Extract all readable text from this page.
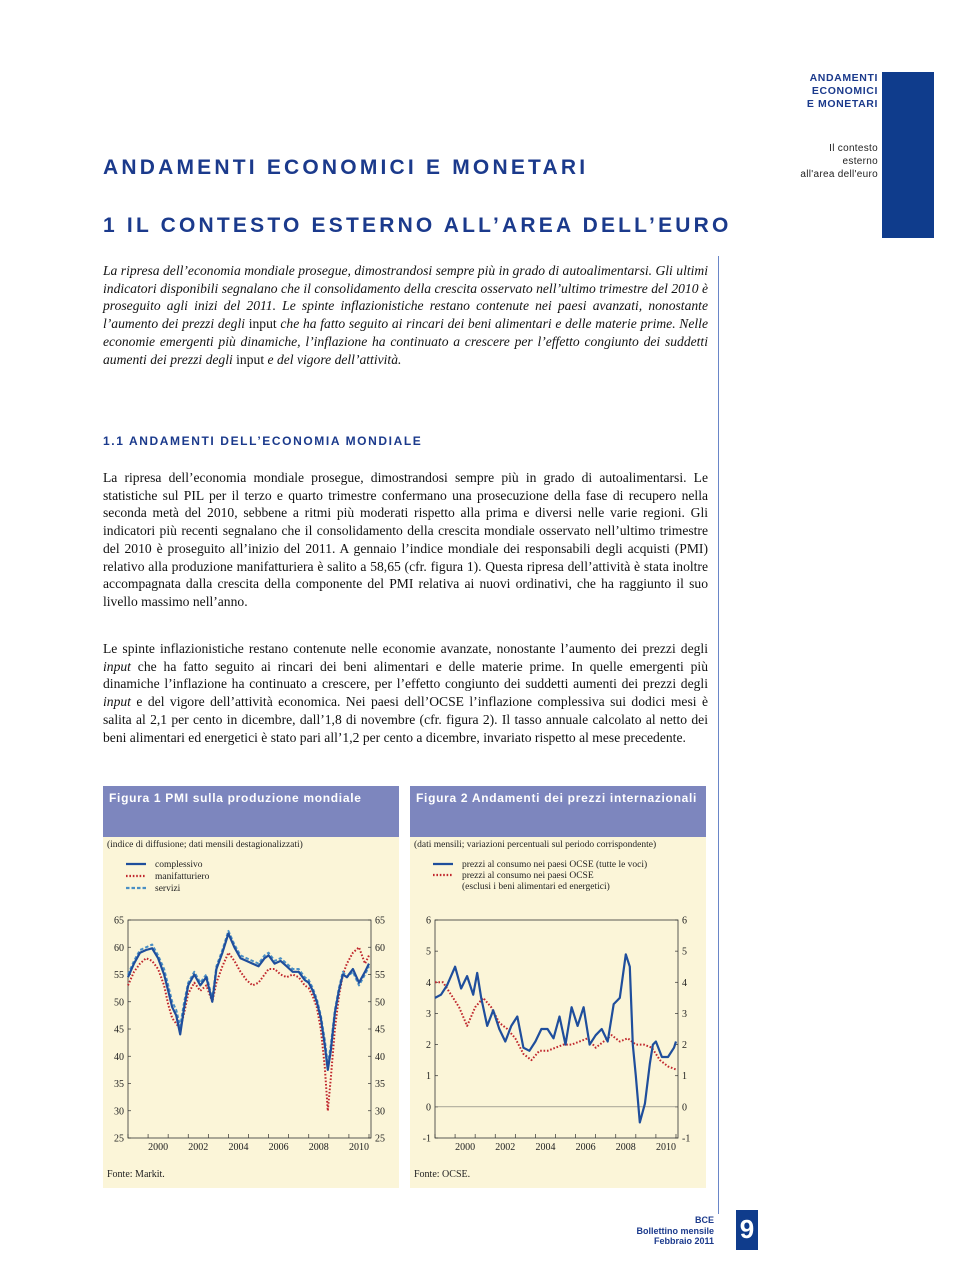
ANDAMENTI
ECONOMICI
E MONETARI
Il contesto
esterno
all'area dell'euro
ANDAMENTI ECONOMICI E MONETARI
1 IL CONTESTO ESTERNO ALL’AREA DELL’EURO
La ripresa dell’economia mondiale prosegue, dimostrandosi sempre più in grado di autoalimentarsi. Gli ultimi indicatori disponibili segnalano che il consolidamento della crescita osservato nell’ultimo trimestre del 2010 è proseguito agli inizi del 2011. Le spinte inflazionistiche restano contenute nei paesi avanzati, nonostante l’aumento dei prezzi degli input che ha fatto seguito ai rincari dei beni alimentari e delle materie prime. Nelle economie emergenti più dinamiche, l’inflazione ha continuato a crescere per l’effetto congiunto dei suddetti aumenti dei prezzi degli input e del vigore dell’attività.
1.1 ANDAMENTI DELL’ECONOMIA MONDIALE
La ripresa dell’economia mondiale prosegue, dimostrandosi sempre più in grado di autoalimentarsi. Le statistiche sul PIL per il terzo e quarto trimestre confermano una prosecuzione della fase di recupero nella seconda metà del 2010, sebbene a ritmi più moderati rispetto alla prima e diversi nelle varie regioni. Gli indicatori più recenti segnalano che il consolidamento della crescita mondiale osservato nell’ultimo trimestre del 2010 è proseguito all’inizio del 2011. A gennaio l’indice mondiale dei responsabili degli acquisti (PMI) relativo alla produzione manifatturiera è salito a 58,65 (cfr. figura 1). Questa ripresa dell’attività è stata inoltre accompagnata dalla crescita della componente del PMI relativa ai nuovi ordinativi, che ha raggiunto il suo livello massimo nell’anno.
Le spinte inflazionistiche restano contenute nelle economie avanzate, nonostante l’aumento dei prezzi degli input che ha fatto seguito ai rincari dei beni alimentari e delle materie prime. In quelle emergenti più dinamiche l’inflazione ha continuato a crescere, per l’effetto congiunto dei suddetti aumenti dei prezzi degli input e del vigore dell’attività economica. Nei paesi dell’OCSE l’inflazione complessiva sui dodici mesi è salita al 2,1 per cento in dicembre, dall’1,8 di novembre (cfr. figura 2). Il tasso annuale calcolato al netto dei beni alimentari ed energetici è stato pari all’1,2 per cento a dicembre, invariato rispetto al mese precedente.
Figura 1 PMI sulla produzione mondiale
(indice di diffusione; dati mensili destagionalizzati)
complessivo
manifatturiero
servizi
65	65
60	60
55	55
50	50
45	45
40	40
35	35
30	30
25	25
2000 2002 2004 2006 2008 2010
Fonte: Markit.
Figura 2 Andamenti dei prezzi internazionali
(dati mensili; variazioni percentuali sul periodo corrispondente)
prezzi al consumo nei paesi OCSE (tutte le voci)
prezzi al consumo nei paesi OCSE
(esclusi i beni alimentari ed energetici)
6	6
5	5
4	4
3	3
2	2
1	1
0	0
-1	-1
2000 2002 2004 2006 2008 2010
Fonte: OCSE.
BCE
Bollettino mensile
Febbraio 2011 9
